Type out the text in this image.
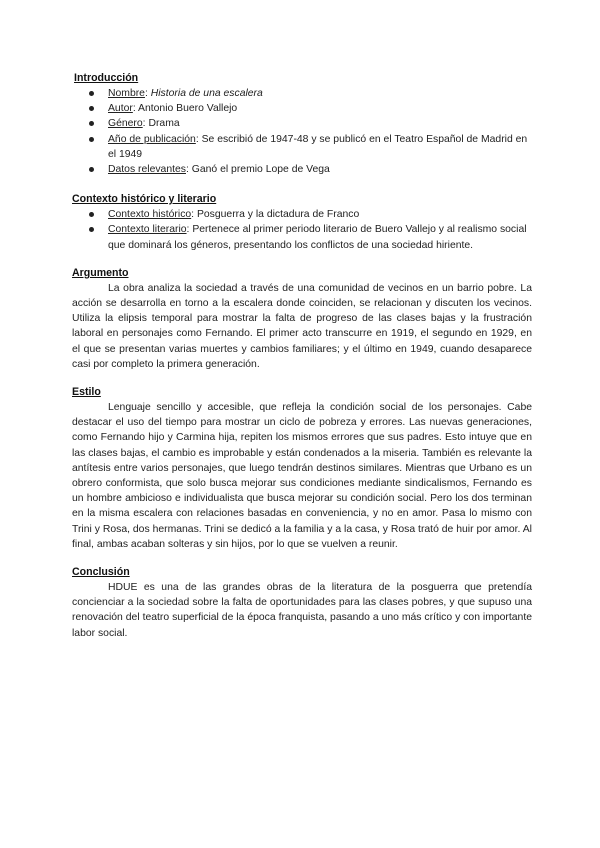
Introducción
Nombre: Historia de una escalera
Autor: Antonio Buero Vallejo
Género: Drama
Año de publicación: Se escribió de 1947-48 y se publicó en el Teatro Español de Madrid en el 1949
Datos relevantes: Ganó el premio Lope de Vega
Contexto histórico y literario
Contexto histórico: Posguerra y la dictadura de Franco
Contexto literario: Pertenece al primer periodo literario de Buero Vallejo y al realismo social que dominará los géneros, presentando los conflictos de una sociedad hiriente.
Argumento

La obra analiza la sociedad a través de una comunidad de vecinos en un barrio pobre. La acción se desarrolla en torno a la escalera donde coinciden, se relacionan y discuten los vecinos. Utiliza la elipsis temporal para mostrar la falta de progreso de las clases bajas y la frustración laboral en personajes como Fernando. El primer acto transcurre en 1919, el segundo en 1929, en el que se presentan varias muertes y cambios familiares; y el último en 1949, cuando desaparece casi por completo la primera generación.

Estilo

Lenguaje sencillo y accesible, que refleja la condición social de los personajes. Cabe destacar el uso del tiempo para mostrar un ciclo de pobreza y errores. Las nuevas generaciones, como Fernando hijo y Carmina hija, repiten los mismos errores que sus padres. Esto intuye que en las clases bajas, el cambio es improbable y están condenados a la miseria. También es relevante la antítesis entre varios personajes, que luego tendrán destinos similares. Mientras que Urbano es un obrero conformista, que solo busca mejorar sus condiciones mediante sindicalismos, Fernando es un hombre ambicioso e individualista que busca mejorar su condición social. Pero los dos terminan en la misma escalera con relaciones basadas en conveniencia, y no en amor. Pasa lo mismo con Trini y Rosa, dos hermanas. Trini se dedicó a la familia y a la casa, y Rosa trató de huir por amor. Al final, ambas acaban solteras y sin hijos, por lo que se vuelven a reunir.

Conclusión

HDUE es una de las grandes obras de la literatura de la posguerra que pretendía concienciar a la sociedad sobre la falta de oportunidades para las clases pobres, y que supuso una renovación del teatro superficial de la época franquista, pasando a uno más crítico y con importante labor social.
